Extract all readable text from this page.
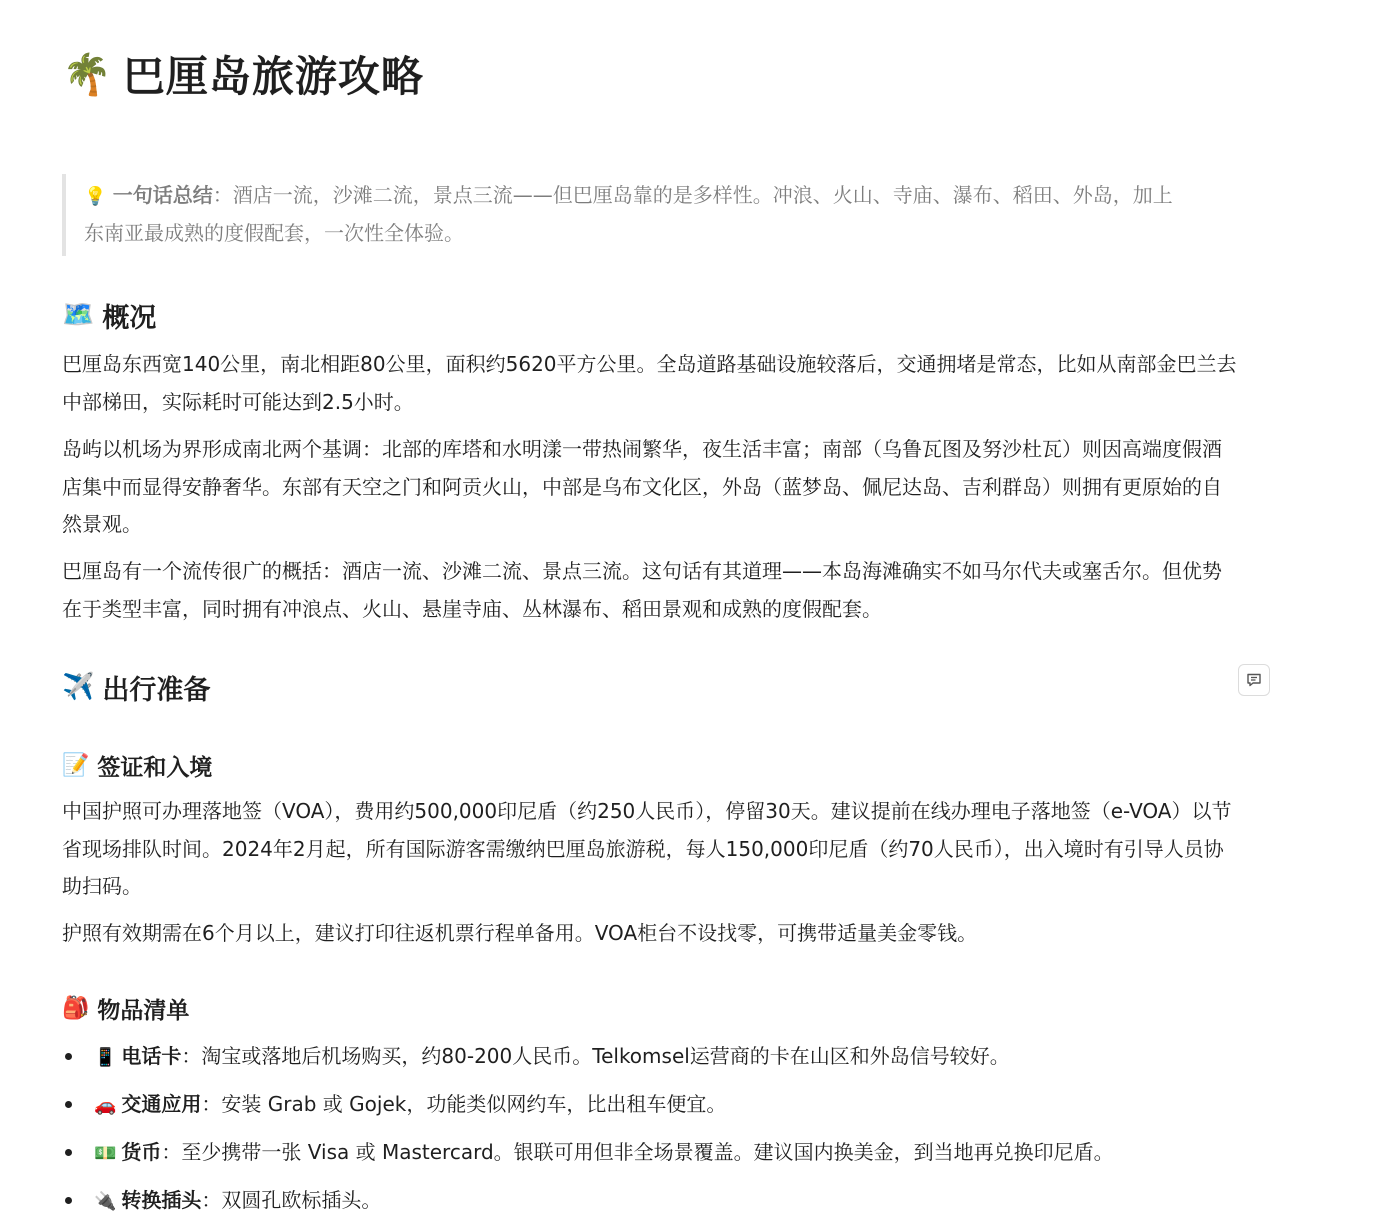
🌴 巴厘岛旅游攻略
💡 一句话总结：酒店一流，沙滩二流，景点三流——但巴厘岛靠的是多样性。冲浪、火山、寺庙、瀑布、稻田、外岛，加上东南亚最成熟的度假配套，一次性全体验。
🗺️ 概况

巴厘岛东西宽140公里，南北相距80公里，面积约5620平方公里。全岛道路基础设施较落后，交通拥堵是常态，比如从南部金巴兰去中部梯田，实际耗时可能达到2.5小时。

岛屿以机场为界形成南北两个基调：北部的库塔和水明漾一带热闹繁华，夜生活丰富；南部（乌鲁瓦图及努沙杜瓦）则因高端度假酒店集中而显得安静奢华。东部有天空之门和阿贡火山，中部是乌布文化区，外岛（蓝梦岛、佩尼达岛、吉利群岛）则拥有更原始的自然景观。

巴厘岛有一个流传很广的概括：酒店一流、沙滩二流、景点三流。这句话有其道理——本岛海滩确实不如马尔代夫或塞舌尔。但优势在于类型丰富，同时拥有冲浪点、火山、悬崖寺庙、丛林瀑布、稻田景观和成熟的度假配套。

✈️ 出行准备
📝 签证和入境

中国护照可办理落地签（VOA），费用约500,000印尼盾（约250人民币），停留30天。建议提前在线办理电子落地签（e-VOA）以节省现场排队时间。2024年2月起，所有国际游客需缴纳巴厘岛旅游税，每人150,000印尼盾（约70人民币），出入境时有引导人员协助扫码。

护照有效期需在6个月以上，建议打印往返机票行程单备用。VOA柜台不设找零，可携带适量美金零钱。

🎒 物品清单
📱 电话卡：淘宝或落地后机场购买，约80-200人民币。Telkomsel运营商的卡在山区和外岛信号较好。
🚗 交通应用：安装 Grab 或 Gojek，功能类似网约车，比出租车便宜。
💵 货币：至少携带一张 Visa 或 Mastercard。银联可用但非全场景覆盖。建议国内换美金，到当地再兑换印尼盾。
🔌 转换插头：双圆孔欧标插头。
